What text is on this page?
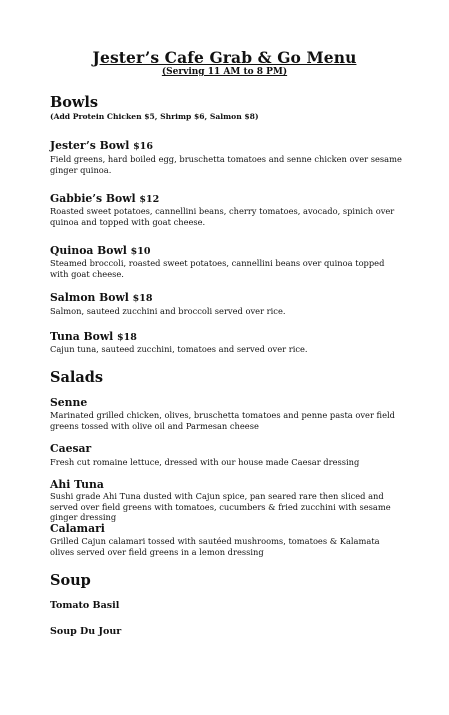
Jester’s Cafe Grab & Go Menu
(Serving 11 AM to 8 PM)
Bowls
(Add Protein Chicken $5, Shrimp $6, Salmon $8)
Jester’s Bowl $16

Field greens, hard boiled egg, bruschetta tomatoes and senne chicken over sesame ginger quinoa.

Gabbie’s Bowl $12

Roasted sweet potatoes, cannellini beans, cherry tomatoes, avocado, spinich over quinoa and topped with goat cheese.

Quinoa Bowl $10

Steamed broccoli, roasted sweet potatoes, cannellini beans over quinoa topped with goat cheese.

Salmon Bowl $18

Salmon, sauteed zucchini and broccoli served over rice.

Tuna Bowl $18

Cajun tuna, sauteed zucchini, tomatoes and served over rice.

Salads
Senne

Marinated grilled chicken, olives, bruschetta tomatoes and penne pasta over field greens tossed with olive oil and Parmesan cheese

Caesar

Fresh cut romaine lettuce, dressed with our house made Caesar dressing

Ahi Tuna

Sushi grade Ahi Tuna dusted with Cajun spice, pan seared rare then sliced and served over field greens with tomatoes, cucumbers & fried zucchini with sesame ginger dressing

Calamari

Grilled Cajun calamari tossed with sautéed mushrooms, tomatoes & Kalamata olives served over field greens in a lemon dressing

Soup
Tomato Basil
Soup Du Jour
